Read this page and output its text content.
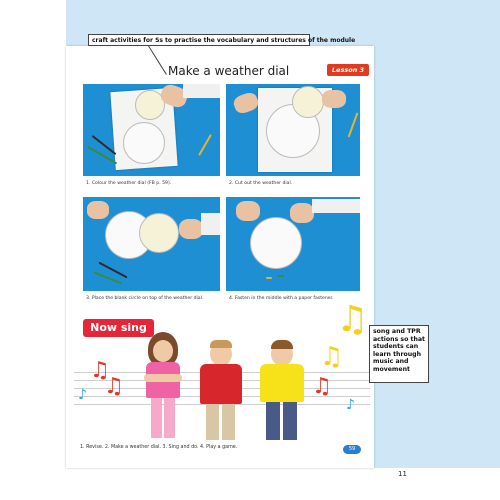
craft activities for Ss to practise the vocabulary and structures of the module
Make a weather dial	Lesson 3
1. Colour the weather dial (FB p. 59).	2. Cut out the weather dial.
3. Place the blank circle on top of the weather dial.	4. Fasten in the middle with a paper fastener.
Now sing
♫
♫
♪
♫
♫
♫
♪
song and TPR actions so that students can learn through music and movement
1. Revise. 2. Make a weather dial. 3. Sing and do. 4. Play a game.	59
11
